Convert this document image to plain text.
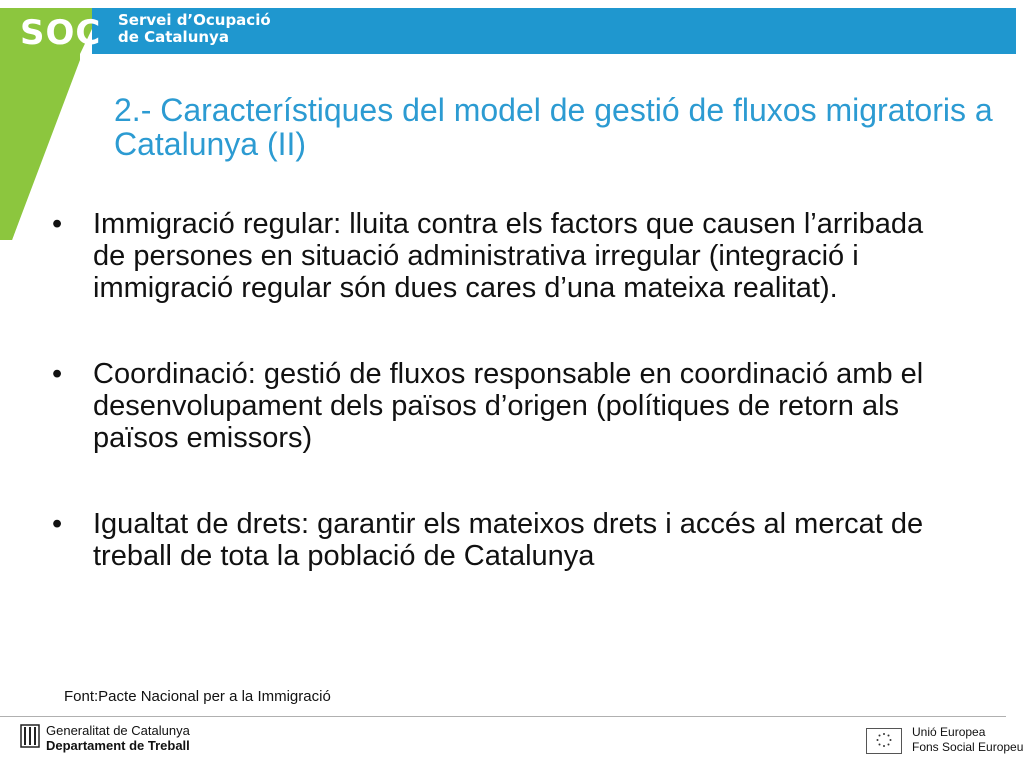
SOC Servei d’Ocupació
de Catalunya
2.- Característiques del model de gestió de fluxos migratoris a Catalunya (II)
•	Immigració regular: lluita contra els factors que causen l’arribada de persones en situació administrativa irregular (integració i immigració regular són dues cares d’una mateixa realitat).
•	Coordinació: gestió de fluxos responsable en coordinació amb el desenvolupament dels països d’origen (polítiques de retorn als països emissors)
•	Igualtat de drets: garantir els mateixos drets i accés al mercat de treball de tota la població de Catalunya
Font:Pacte Nacional per a la Immigració
Generalitat de Catalunya
Departament de Treball
Unió Europea
Fons Social Europeu
